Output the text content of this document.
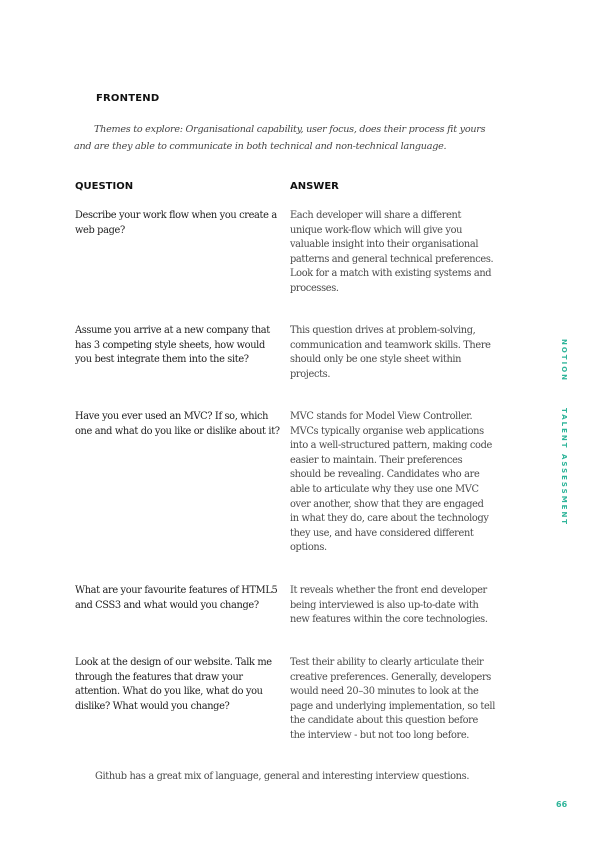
FRONTEND
Themes to explore: Organisational capability, user focus, does their process fit yours and are they able to communicate in both technical and non-technical language.
QUESTION	ANSWER
Describe your work flow when you create a web page?
Each developer will share a different unique work-flow which will give you valuable insight into their organisational patterns and general technical preferences. Look for a match with existing systems and processes.
Assume you arrive at a new company that has 3 competing style sheets, how would you best integrate them into the site?
This question drives at problem-solving, communication and teamwork skills. There should only be one style sheet within projects.
Have you ever used an MVC? If so, which one and what do you like or dislike about it?
MVC stands for Model View Controller. MVCs typically organise web applications into a well-structured pattern, making code easier to maintain. Their preferences should be revealing. Candidates who are able to articulate why they use one MVC over another, show that they are engaged in what they do, care about the technology they use, and have considered different options.
What are your favourite features of HTML5 and CSS3 and what would you change?
It reveals whether the front end developer being interviewed is also up-to-date with new features within the core technologies.
Look at the design of our website. Talk me through the features that draw your attention. What do you like, what do you dislike? What would you change?
Test their ability to clearly articulate their creative preferences. Generally, developers would need 20–30 minutes to look at the page and underlying implementation, so tell the candidate about this question before the interview - but not too long before.
Github has a great mix of language, general and interesting interview questions.
NOTION
TALENT ASSESSMENT
66
